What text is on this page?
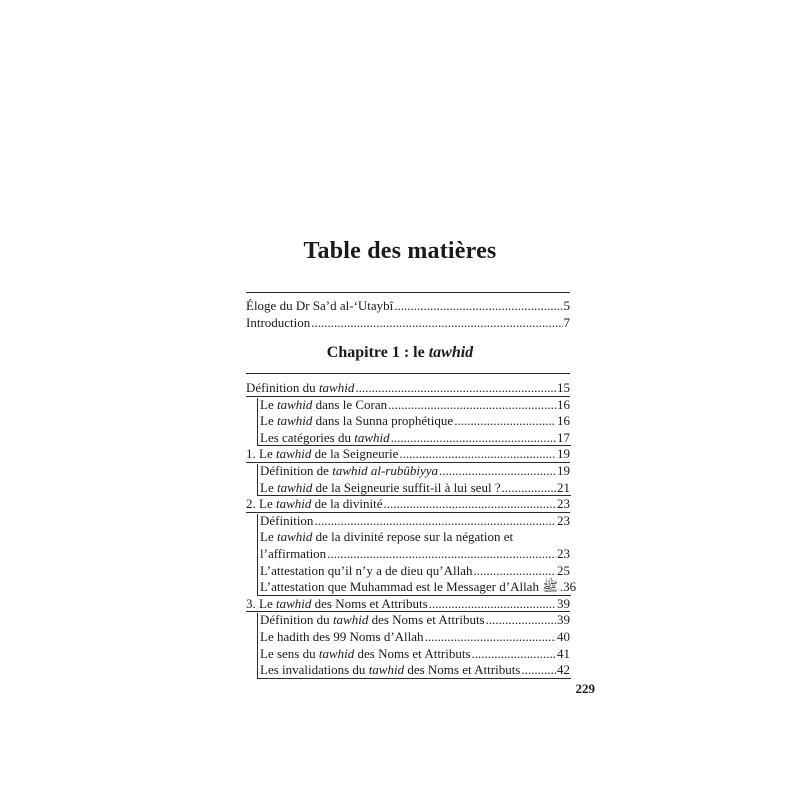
Table des matières
Éloge du Dr Sa’d al-‘Utaybî .....	5
Introduction .....	7
Chapitre 1 : le tawhid
Définition du tawhid .....	15
Le tawhid dans le Coran .....	16
Le tawhid dans la Sunna prophétique .....	16
Les catégories du tawhid .....	17
1. Le tawhid de la Seigneurie .....	19
Définition de tawhid al-rubûbiyya .....	19
Le tawhid de la Seigneurie suffit-il à lui seul ? .....	21
2. Le tawhid de la divinité .....	23
Définition .....	23
Le tawhid de la divinité repose sur la négation et
l’affirmation .....	23
L’attestation qu’il n’y a de dieu qu’Allah .....	25
L’attestation que Muhammad est le Messager d’Allah ﷺ .36
3. Le tawhid des Noms et Attributs .....	39
Définition du tawhid des Noms et Attributs .....	39
Le hadith des 99 Noms d’Allah .....	40
Le sens du tawhid des Noms et Attributs .....	41
Les invalidations du tawhid des Noms et Attributs .....	42
229
